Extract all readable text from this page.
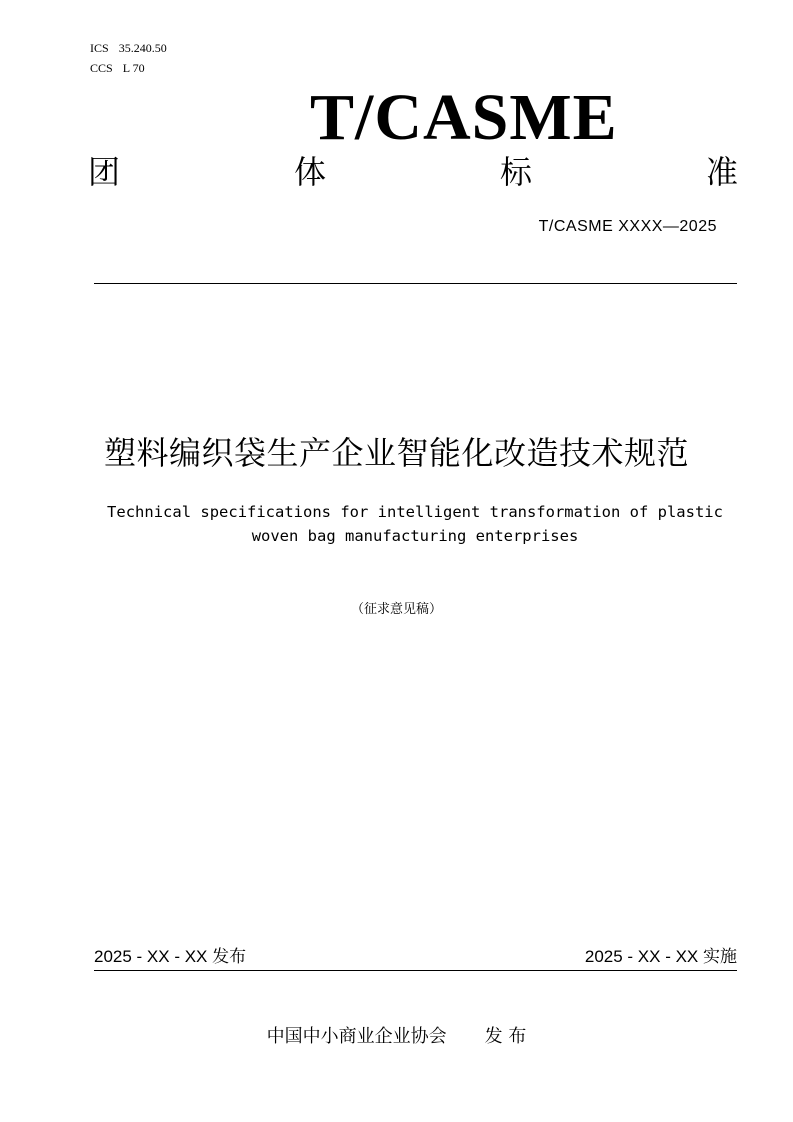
ICS 35.240.50
CCS L 70
T/CASME
团	体	标	准
T/CASME XXXX—2025
塑料编织袋生产企业智能化改造技术规范
Technical specifications for intelligent transformation of plastic
woven bag manufacturing enterprises
（征求意见稿）
2025 - XX - XX 发布	2025 - XX - XX 实施
中国中小商业企业协会 发 布
